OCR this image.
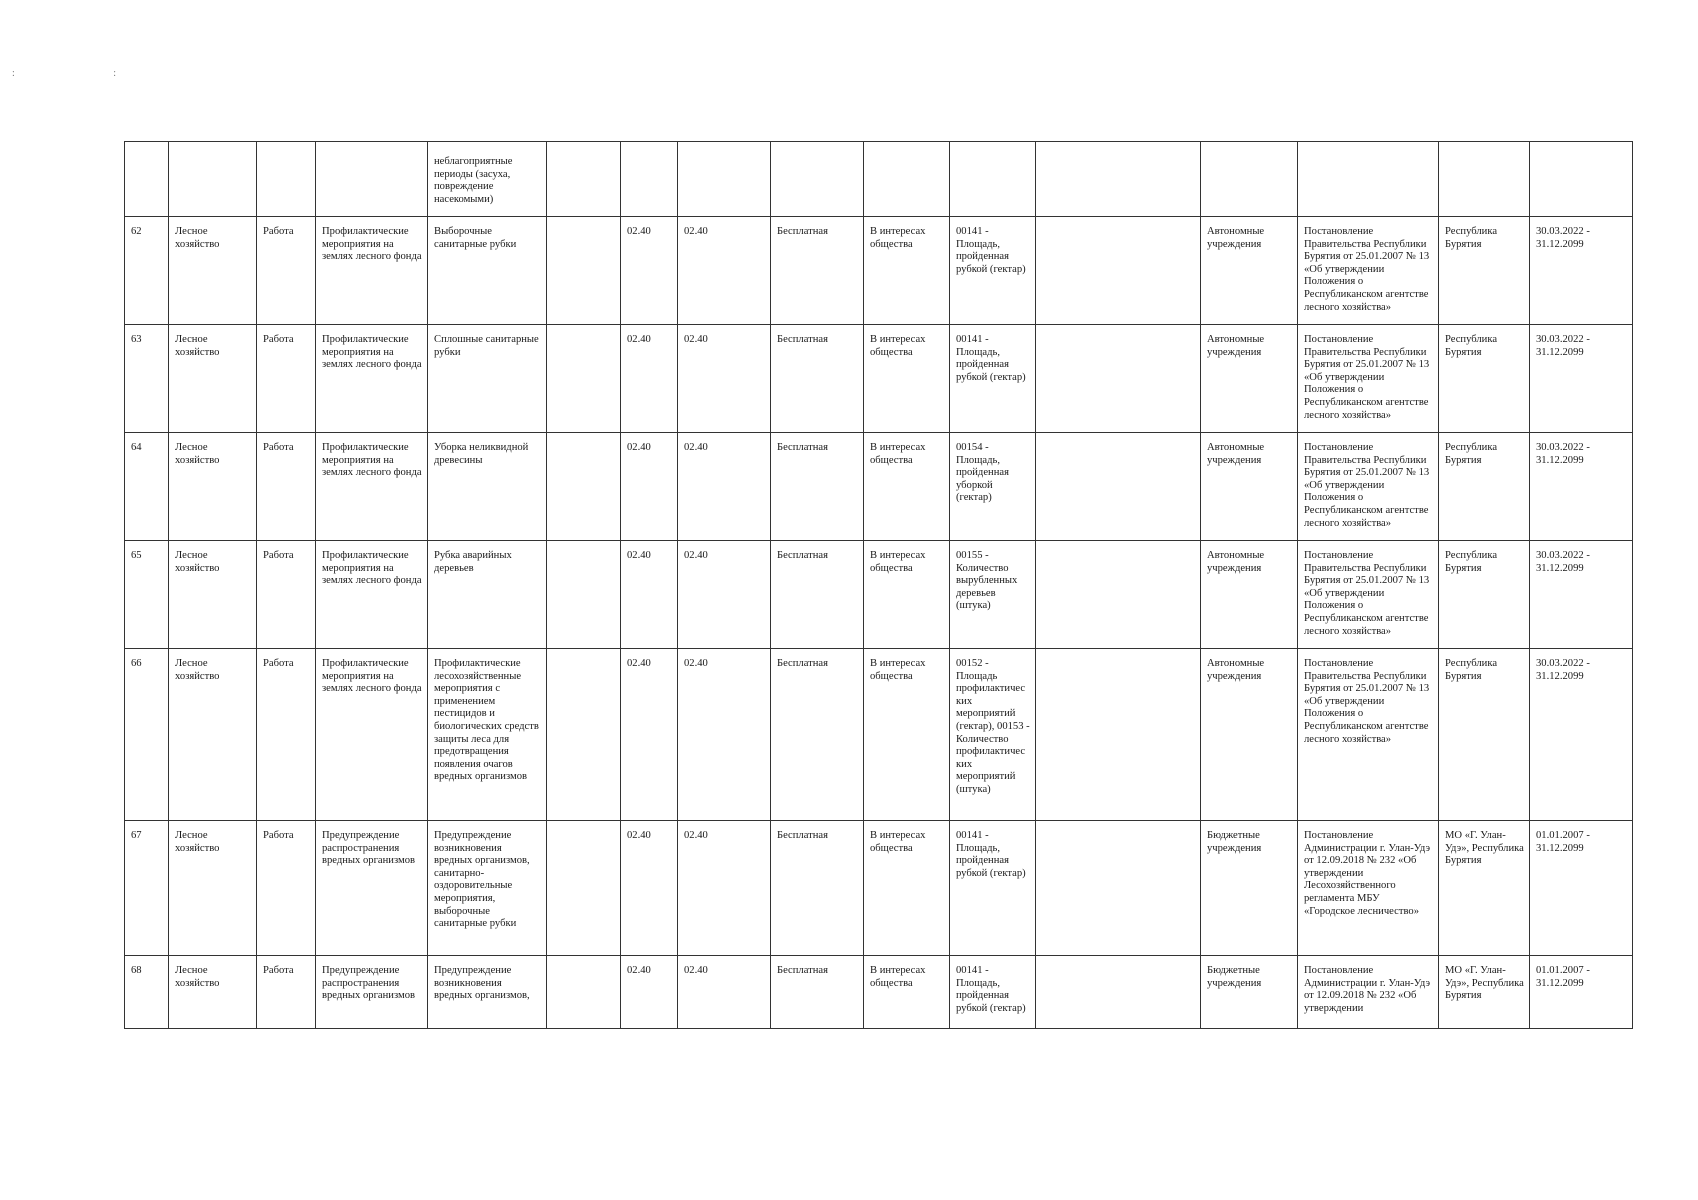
: :
				неблагоприятные периоды (засуха, повреждение насекомыми)												
62	Лесное хозяйство	Работа	Профилактические мероприятия на землях лесного фонда	Выборочные санитарные рубки		02.40	02.40	Бесплатная	В интересах общества	00141 - Площадь, пройденная рубкой (гектар)		Автономные учреждения	Постановление Правительства Республики Бурятия от 25.01.2007 № 13 «Об утверждении Положения о Республиканском агентстве лесного хозяйства»	Республика Бурятия	30.03.2022 - 31.12.2099	
63	Лесное хозяйство	Работа	Профилактические мероприятия на землях лесного фонда	Сплошные санитарные рубки		02.40	02.40	Бесплатная	В интересах общества	00141 - Площадь, пройденная рубкой (гектар)		Автономные учреждения	Постановление Правительства Республики Бурятия от 25.01.2007 № 13 «Об утверждении Положения о Республиканском агентстве лесного хозяйства»	Республика Бурятия	30.03.2022 - 31.12.2099	
64	Лесное хозяйство	Работа	Профилактические мероприятия на землях лесного фонда	Уборка неликвидной древесины		02.40	02.40	Бесплатная	В интересах общества	00154 - Площадь, пройденная уборкой (гектар)		Автономные учреждения	Постановление Правительства Республики Бурятия от 25.01.2007 № 13 «Об утверждении Положения о Республиканском агентстве лесного хозяйства»	Республика Бурятия	30.03.2022 - 31.12.2099	
65	Лесное хозяйство	Работа	Профилактические мероприятия на землях лесного фонда	Рубка аварийных деревьев		02.40	02.40	Бесплатная	В интересах общества	00155 - Количество вырубленных деревьев (штука)		Автономные учреждения	Постановление Правительства Республики Бурятия от 25.01.2007 № 13 «Об утверждении Положения о Республиканском агентстве лесного хозяйства»	Республика Бурятия	30.03.2022 - 31.12.2099	
66	Лесное хозяйство	Работа	Профилактические мероприятия на землях лесного фонда	Профилактические лесохозяйственные мероприятия с применением пестицидов и биологических средств защиты леса для предотвращения появления очагов вредных организмов		02.40	02.40	Бесплатная	В интересах общества	00152 - Площадь профилактических мероприятий (гектар), 00153 - Количество профилактических мероприятий (штука)		Автономные учреждения	Постановление Правительства Республики Бурятия от 25.01.2007 № 13 «Об утверждении Положения о Республиканском агентстве лесного хозяйства»	Республика Бурятия	30.03.2022 - 31.12.2099	
67	Лесное хозяйство	Работа	Предупреждение распространения вредных организмов	Предупреждение возникновения вредных организмов, санитарно-оздоровительные мероприятия, выборочные санитарные рубки		02.40	02.40	Бесплатная	В интересах общества	00141 - Площадь, пройденная рубкой (гектар)		Бюджетные учреждения	Постановление Администрации г. Улан-Удэ от 12.09.2018 № 232 «Об утверждении Лесохозяйственного регламента МБУ «Городское лесничество»	МО «Г. Улан-Удэ», Республика Бурятия	01.01.2007 - 31.12.2099	
68	Лесное хозяйство	Работа	Предупреждение распространения вредных организмов	Предупреждение возникновения вредных организмов,		02.40	02.40	Бесплатная	В интересах общества	00141 - Площадь, пройденная рубкой (гектар)		Бюджетные учреждения	Постановление Администрации г. Улан-Удэ от 12.09.2018 № 232 «Об утверждении	МО «Г. Улан-Удэ», Республика Бурятия	01.01.2007 - 31.12.2099	
